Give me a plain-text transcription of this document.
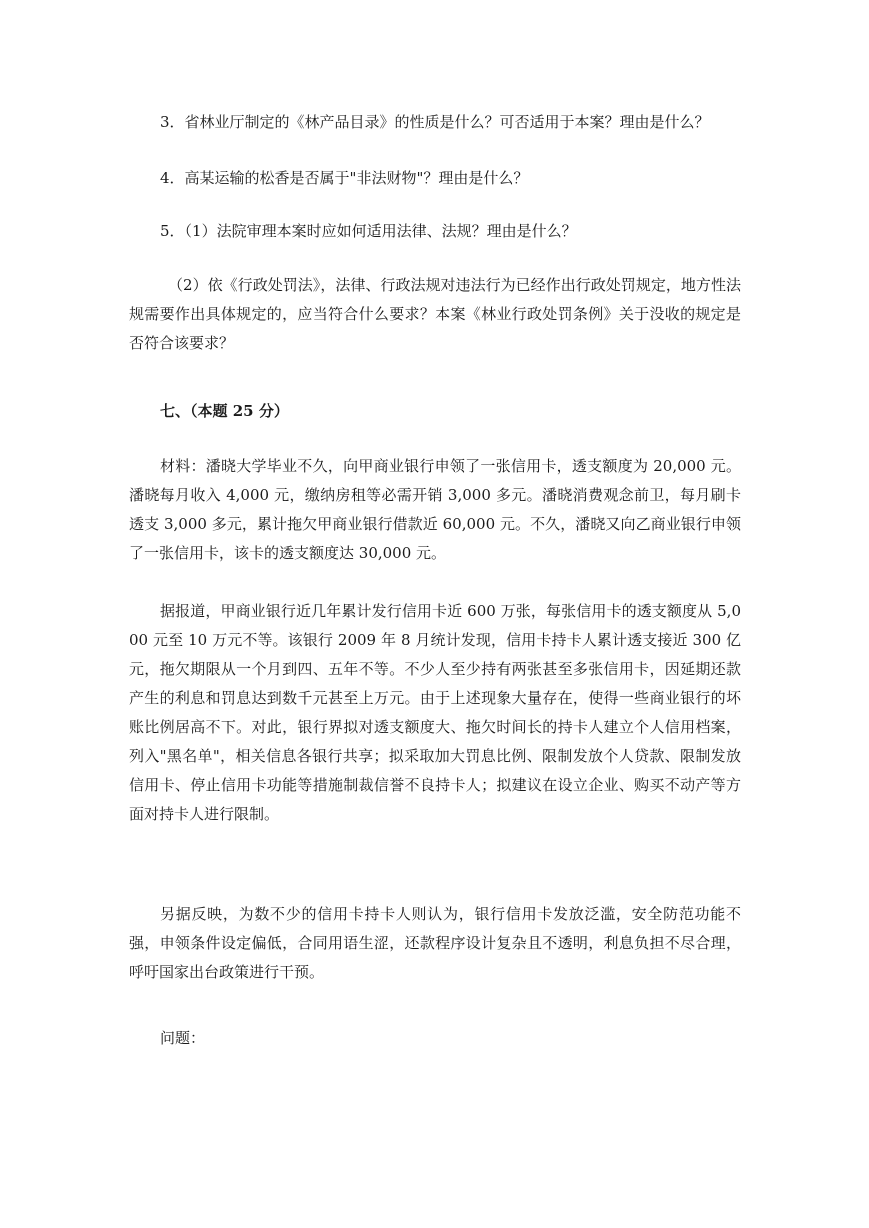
3．省林业厅制定的《林产品目录》的性质是什么？可否适用于本案？理由是什么？

4．高某运输的松香是否属于"非法财物"？理由是什么？

5．（1）法院审理本案时应如何适用法律、法规？理由是什么？

（2）依《行政处罚法》，法律、行政法规对违法行为已经作出行政处罚规定，地方性法规需要作出具体规定的，应当符合什么要求？本案《林业行政处罚条例》关于没收的规定是否符合该要求？

七、（本题 25 分）

材料：潘晓大学毕业不久，向甲商业银行申领了一张信用卡，透支额度为 20,000 元。潘晓每月收入 4,000 元，缴纳房租等必需开销 3,000 多元。潘晓消费观念前卫，每月刷卡透支 3,000 多元，累计拖欠甲商业银行借款近 60,000 元。不久，潘晓又向乙商业银行申领了一张信用卡，该卡的透支额度达 30,000 元。

据报道，甲商业银行近几年累计发行信用卡近 600 万张，每张信用卡的透支额度从 5,000 元至 10 万元不等。该银行 2009 年 8 月统计发现，信用卡持卡人累计透支接近 300 亿元，拖欠期限从一个月到四、五年不等。不少人至少持有两张甚至多张信用卡，因延期还款产生的利息和罚息达到数千元甚至上万元。由于上述现象大量存在，使得一些商业银行的坏账比例居高不下。对此，银行界拟对透支额度大、拖欠时间长的持卡人建立个人信用档案，列入"黑名单"，相关信息各银行共享；拟采取加大罚息比例、限制发放个人贷款、限制发放信用卡、停止信用卡功能等措施制裁信誉不良持卡人；拟建议在设立企业、购买不动产等方面对持卡人进行限制。

另据反映，为数不少的信用卡持卡人则认为，银行信用卡发放泛滥，安全防范功能不强，申领条件设定偏低，合同用语生涩，还款程序设计复杂且不透明，利息负担不尽合理，呼吁国家出台政策进行干预。

问题：
